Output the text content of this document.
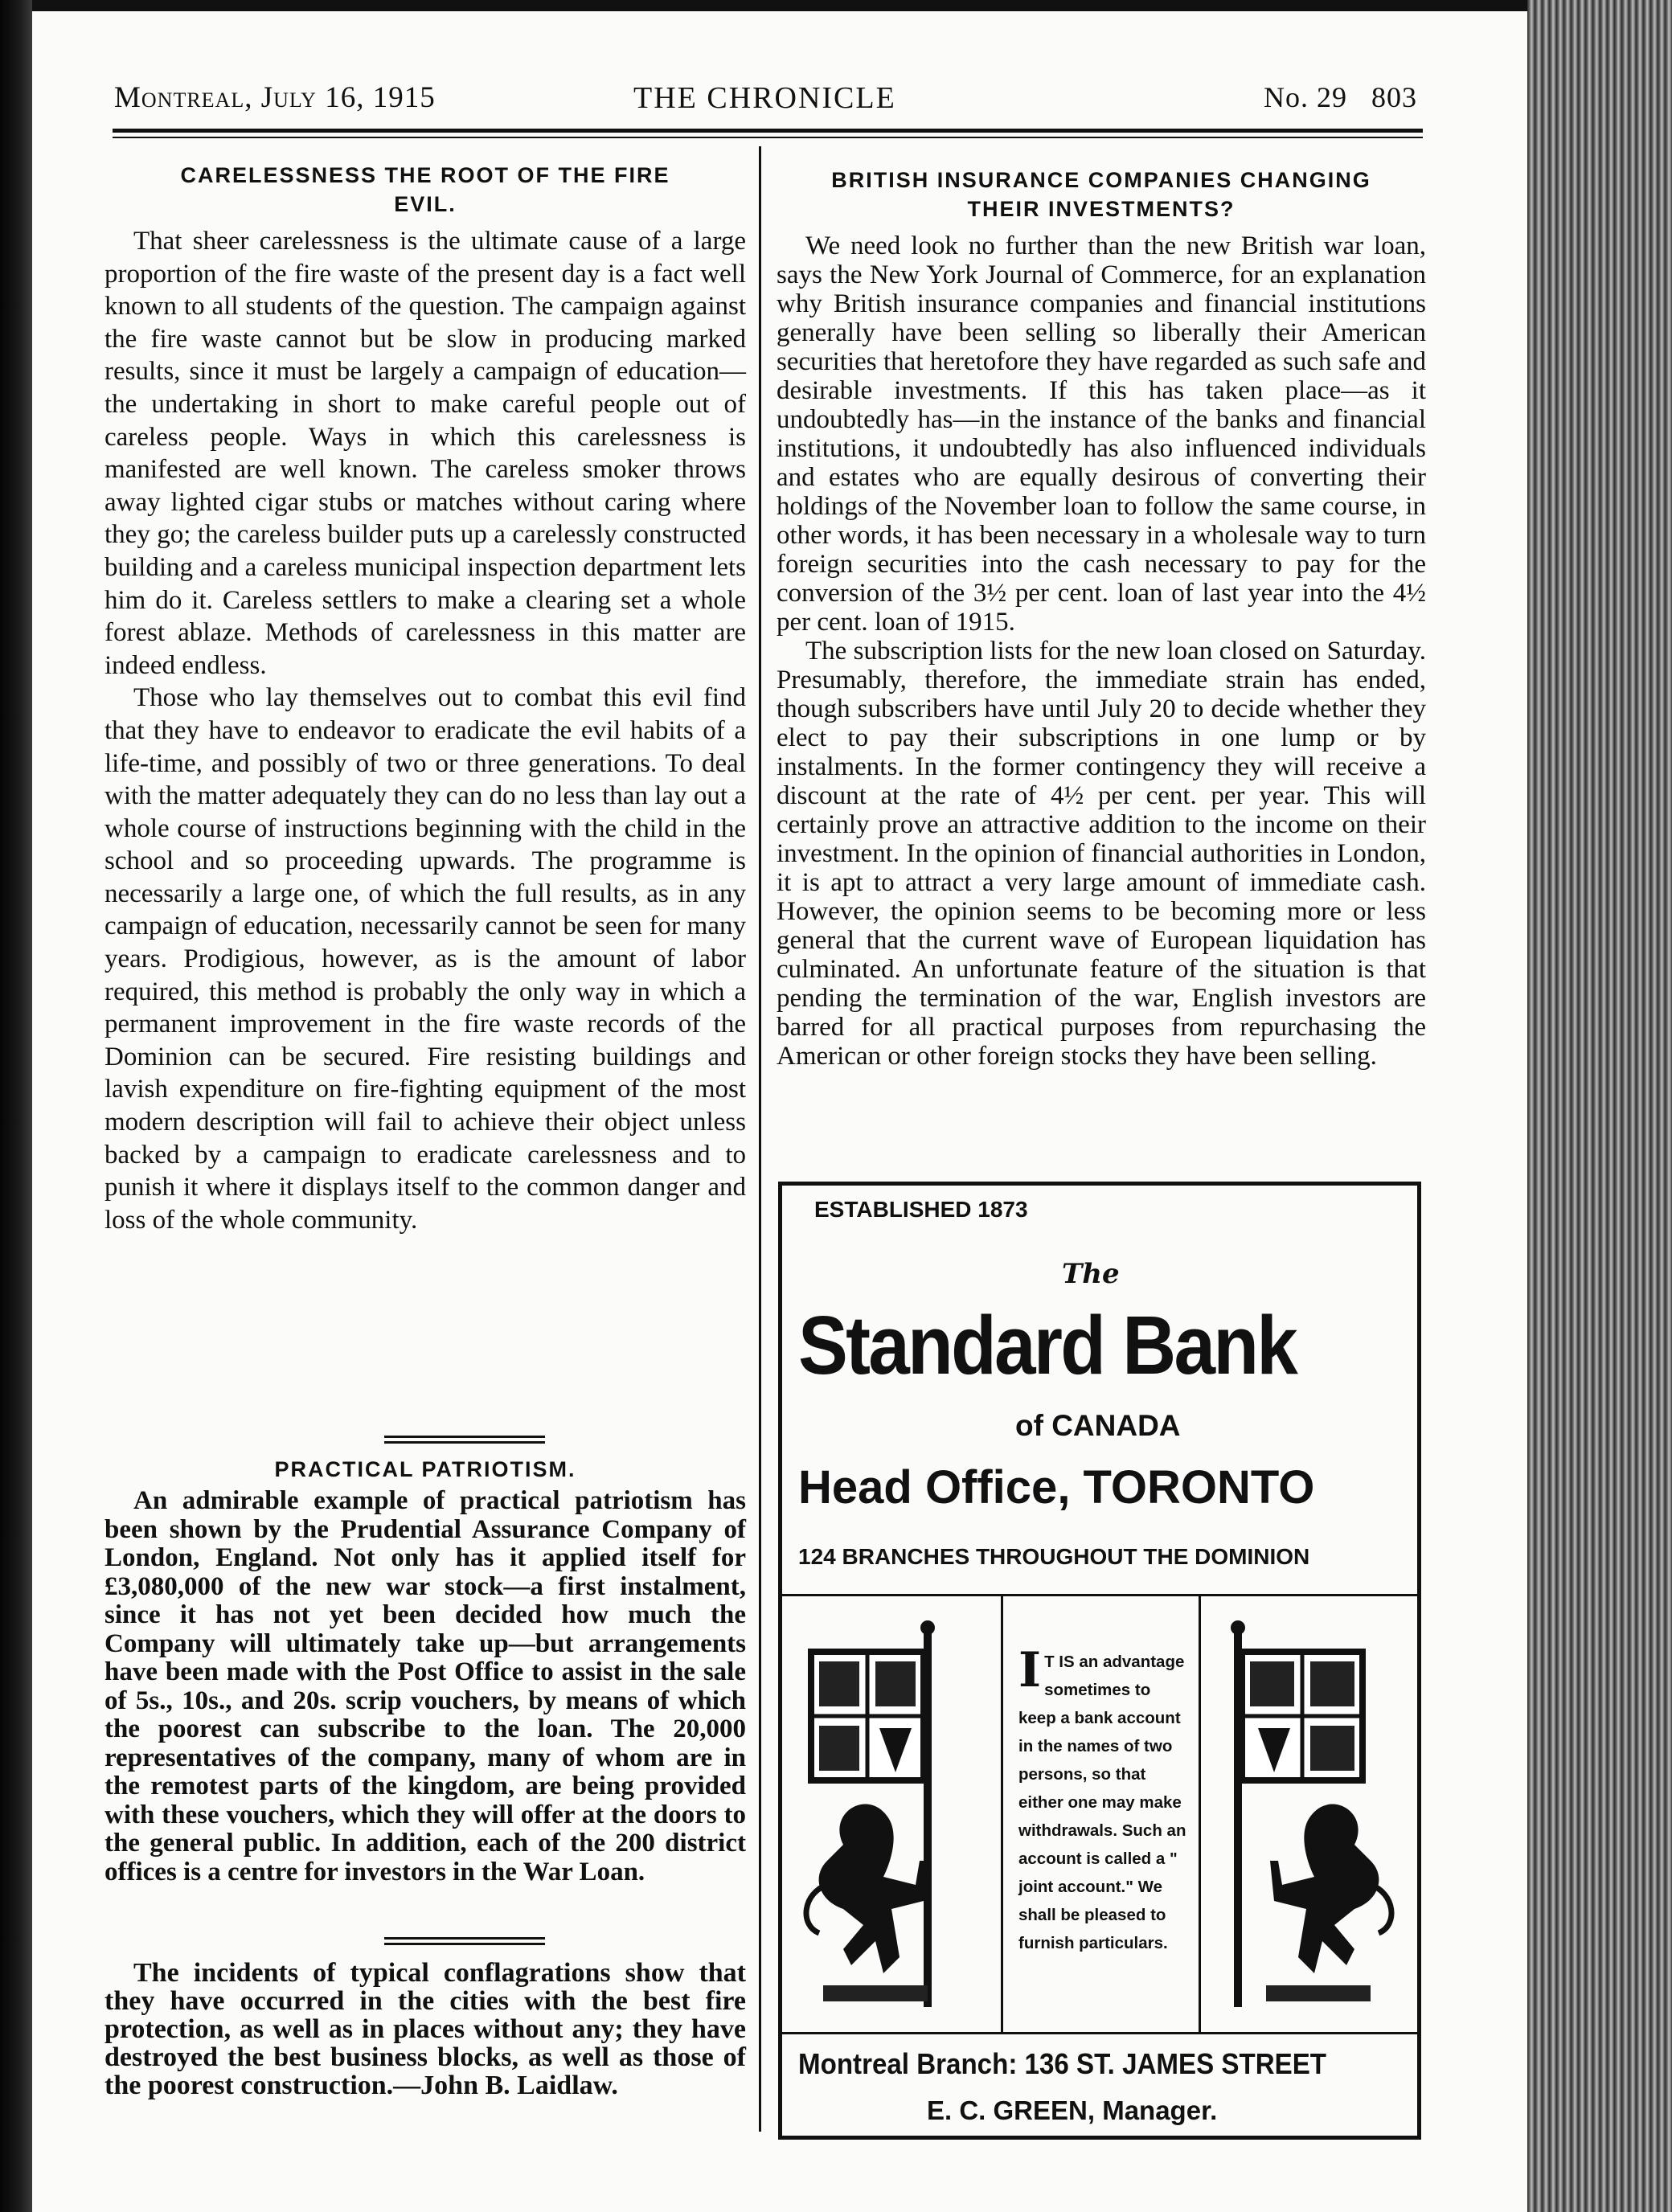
Montreal, July 16, 1915	THE CHRONICLE	No. 29   803
CARELESSNESS THE ROOT OF THE FIRE
EVIL.

That sheer carelessness is the ultimate cause of a large proportion of the fire waste of the present day is a fact well known to all students of the question. The campaign against the fire waste cannot but be slow in producing marked results, since it must be largely a campaign of education—the undertaking in short to make careful people out of careless people. Ways in which this carelessness is manifested are well known. The careless smoker throws away lighted cigar stubs or matches without caring where they go; the careless builder puts up a carelessly constructed building and a careless municipal inspection department lets him do it. Careless settlers to make a clearing set a whole forest ablaze. Methods of carelessness in this matter are indeed endless.

Those who lay themselves out to combat this evil find that they have to endeavor to eradicate the evil habits of a life-time, and possibly of two or three generations. To deal with the matter adequately they can do no less than lay out a whole course of instructions beginning with the child in the school and so proceeding upwards. The programme is necessarily a large one, of which the full results, as in any campaign of education, necessarily cannot be seen for many years. Prodigious, however, as is the amount of labor required, this method is probably the only way in which a permanent improvement in the fire waste records of the Dominion can be secured. Fire resisting buildings and lavish expenditure on fire-fighting equipment of the most modern description will fail to achieve their object unless backed by a campaign to eradicate carelessness and to punish it where it displays itself to the common danger and loss of the whole community.

PRACTICAL PATRIOTISM.

An admirable example of practical patriotism has been shown by the Prudential Assurance Company of London, England. Not only has it applied itself for £3,080,000 of the new war stock—a first instalment, since it has not yet been decided how much the Company will ultimately take up—but arrangements have been made with the Post Office to assist in the sale of 5s., 10s., and 20s. scrip vouchers, by means of which the poorest can subscribe to the loan. The 20,000 representatives of the company, many of whom are in the remotest parts of the kingdom, are being provided with these vouchers, which they will offer at the doors to the general public. In addition, each of the 200 district offices is a centre for investors in the War Loan.

The incidents of typical conflagrations show that they have occurred in the cities with the best fire protection, as well as in places without any; they have destroyed the best business blocks, as well as those of the poorest construction.—John B. Laidlaw.

BRITISH INSURANCE COMPANIES CHANGING
THEIR INVESTMENTS?

We need look no further than the new British war loan, says the New York Journal of Commerce, for an explanation why British insurance companies and financial institutions generally have been selling so liberally their American securities that heretofore they have regarded as such safe and desirable investments. If this has taken place—as it undoubtedly has—in the instance of the banks and financial institutions, it undoubtedly has also influenced individuals and estates who are equally desirous of converting their holdings of the November loan to follow the same course, in other words, it has been necessary in a wholesale way to turn foreign securities into the cash necessary to pay for the conversion of the 3½ per cent. loan of last year into the 4½ per cent. loan of 1915.

The subscription lists for the new loan closed on Saturday. Presumably, therefore, the immediate strain has ended, though subscribers have until July 20 to decide whether they elect to pay their subscriptions in one lump or by instalments. In the former contingency they will receive a discount at the rate of 4½ per cent. per year. This will certainly prove an attractive addition to the income on their investment. In the opinion of financial authorities in London, it is apt to attract a very large amount of immediate cash. However, the opinion seems to be becoming more or less general that the current wave of European liquidation has culminated. An unfortunate feature of the situation is that pending the termination of the war, English investors are barred for all practical purposes from repurchasing the American or other foreign stocks they have been selling.

ESTABLISHED 1873
The
Standard Bank
of CANADA
Head Office, TORONTO
124 BRANCHES THROUGHOUT THE DOMINION
I T IS an advantage sometimes to keep a bank account in the names of two persons, so that either one may make withdrawals. Such an account is called a " joint account." We shall be pleased to furnish particulars.
Montreal Branch: 136 ST. JAMES STREET
E. C. GREEN, Manager.
